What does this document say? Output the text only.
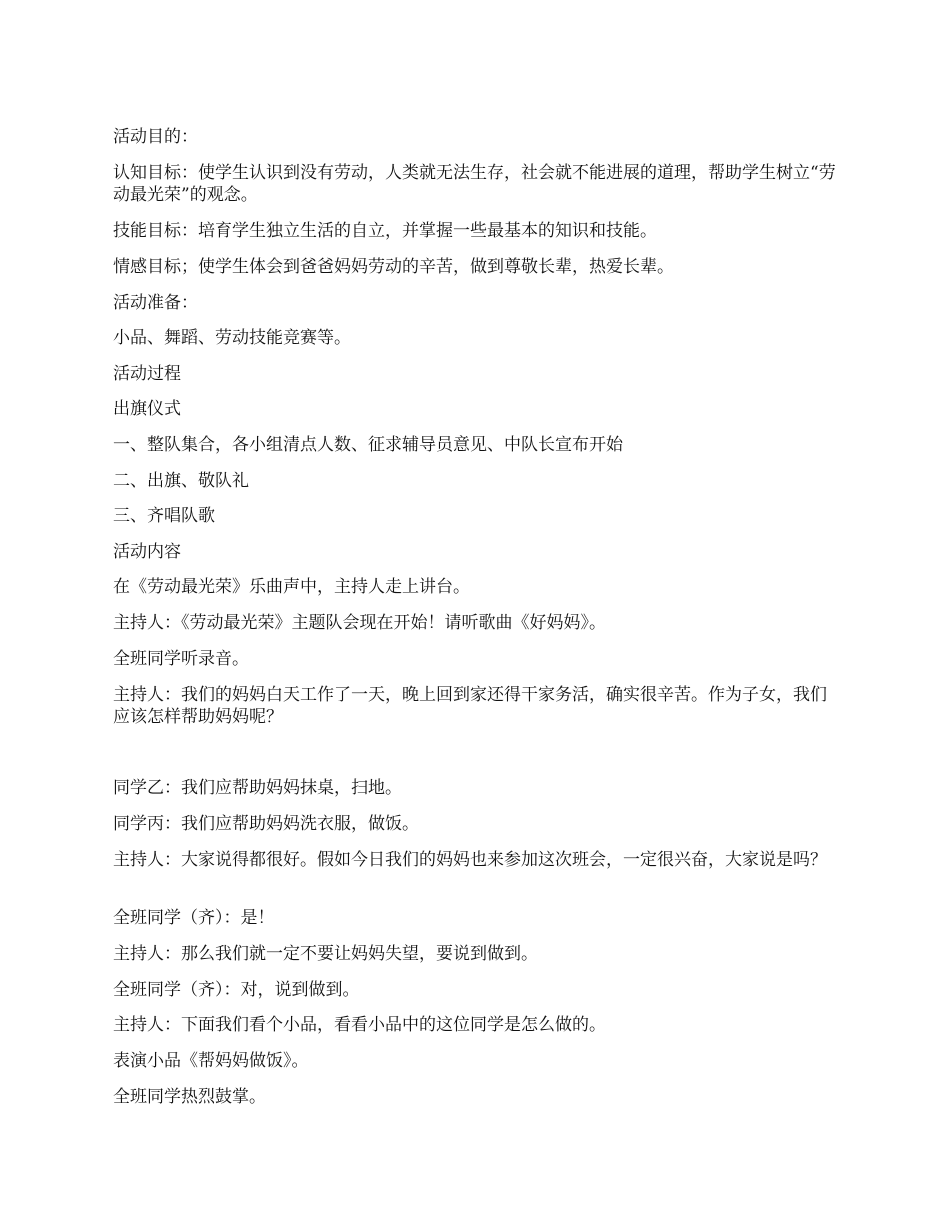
活动目的：

认知目标：使学生认识到没有劳动，人类就无法生存，社会就不能进展的道理，帮助学生树立“劳动最光荣”的观念。

技能目标：培育学生独立生活的自立，并掌握一些最基本的知识和技能。

情感目标；使学生体会到爸爸妈妈劳动的辛苦，做到尊敬长辈，热爱长辈。

活动准备：

小品、舞蹈、劳动技能竞赛等。

活动过程

出旗仪式

一、整队集合，各小组清点人数、征求辅导员意见、中队长宣布开始

二、出旗、敬队礼

三、齐唱队歌

活动内容

在《劳动最光荣》乐曲声中，主持人走上讲台。

主持人：《劳动最光荣》主题队会现在开始！请听歌曲《好妈妈》。

全班同学听录音。

主持人：我们的妈妈白天工作了一天，晚上回到家还得干家务活，确实很辛苦。作为子女，我们应该怎样帮助妈妈呢？

同学乙：我们应帮助妈妈抹桌，扫地。

同学丙：我们应帮助妈妈洗衣服，做饭。

主持人：大家说得都很好。假如今日我们的妈妈也来参加这次班会，一定很兴奋，大家说是吗？

全班同学（齐）：是！

主持人：那么我们就一定不要让妈妈失望，要说到做到。

全班同学（齐）：对，说到做到。

主持人：下面我们看个小品，看看小品中的这位同学是怎么做的。

表演小品《帮妈妈做饭》。

全班同学热烈鼓掌。
